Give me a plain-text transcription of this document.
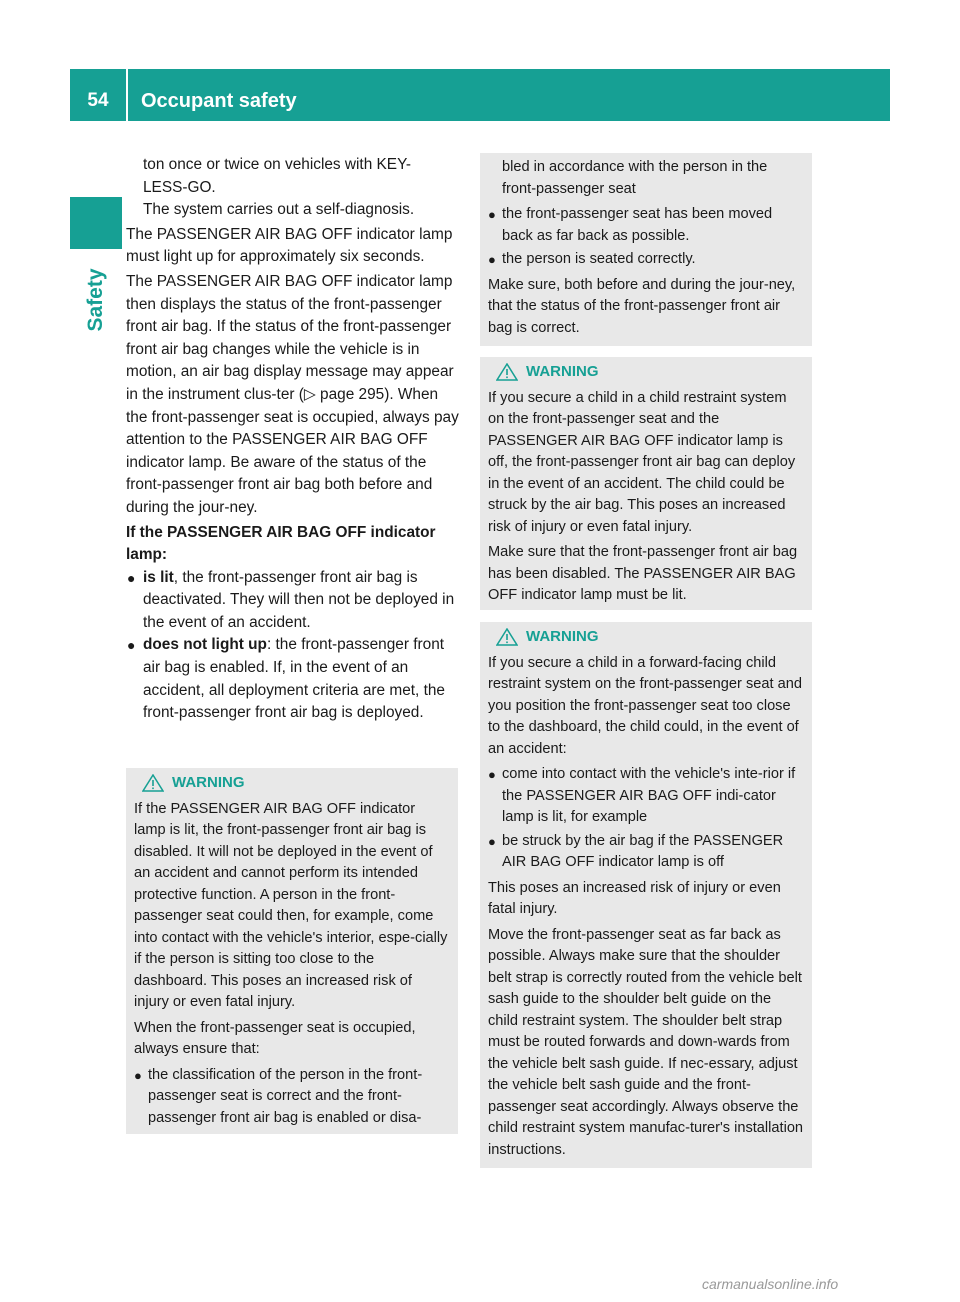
54	Occupant safety
Safety

ton once or twice on vehicles with KEY-

LESS-GO.

The system carries out a self-diagnosis.

The PASSENGER AIR BAG OFF indicator lamp must light up for approximately six seconds.

The PASSENGER AIR BAG OFF indicator lamp then displays the status of the front-passenger front air bag. If the status of the front-passenger front air bag changes while the vehicle is in motion, an air bag display message may appear in the instrument clus-ter (▷ page 295). When the front-passenger seat is occupied, always pay attention to the PASSENGER AIR BAG OFF indicator lamp. Be aware of the status of the front-passenger front air bag both before and during the jour-ney.

If the PASSENGER AIR BAG OFF indicator lamp:

● is lit, the front-passenger front air bag is deactivated. They will then not be deployed in the event of an accident.
● does not light up: the front-passenger front air bag is enabled. If, in the event of an accident, all deployment criteria are met, the front-passenger front air bag is deployed.
WARNING

If the PASSENGER AIR BAG OFF indicator lamp is lit, the front-passenger front air bag is disabled. It will not be deployed in the event of an accident and cannot perform its intended protective function. A person in the front-passenger seat could then, for example, come into contact with the vehicle's interior, espe-cially if the person is sitting too close to the dashboard. This poses an increased risk of injury or even fatal injury.

When the front-passenger seat is occupied, always ensure that:

● the classification of the person in the front-passenger seat is correct and the front-passenger front air bag is enabled or disa-
bled in accordance with the person in the front-passenger seat
● the front-passenger seat has been moved back as far back as possible.
● the person is seated correctly.

Make sure, both before and during the jour-ney, that the status of the front-passenger front air bag is correct.

WARNING

If you secure a child in a child restraint system on the front-passenger seat and the PASSENGER AIR BAG OFF indicator lamp is off, the front-passenger front air bag can deploy in the event of an accident. The child could be struck by the air bag. This poses an increased risk of injury or even fatal injury.

Make sure that the front-passenger front air bag has been disabled. The PASSENGER AIR BAG OFF indicator lamp must be lit.

WARNING

If you secure a child in a forward-facing child restraint system on the front-passenger seat and you position the front-passenger seat too close to the dashboard, the child could, in the event of an accident:

● come into contact with the vehicle's inte-rior if the PASSENGER AIR BAG OFF indi-cator lamp is lit, for example
● be struck by the air bag if the PASSENGER AIR BAG OFF indicator lamp is off

This poses an increased risk of injury or even fatal injury.

Move the front-passenger seat as far back as possible. Always make sure that the shoulder belt strap is correctly routed from the vehicle belt sash guide to the shoulder belt guide on the child restraint system. The shoulder belt strap must be routed forwards and down-wards from the vehicle belt sash guide. If nec-essary, adjust the vehicle belt sash guide and the front-passenger seat accordingly. Always observe the child restraint system manufac-turer's installation instructions.

carmanualsonline.info
